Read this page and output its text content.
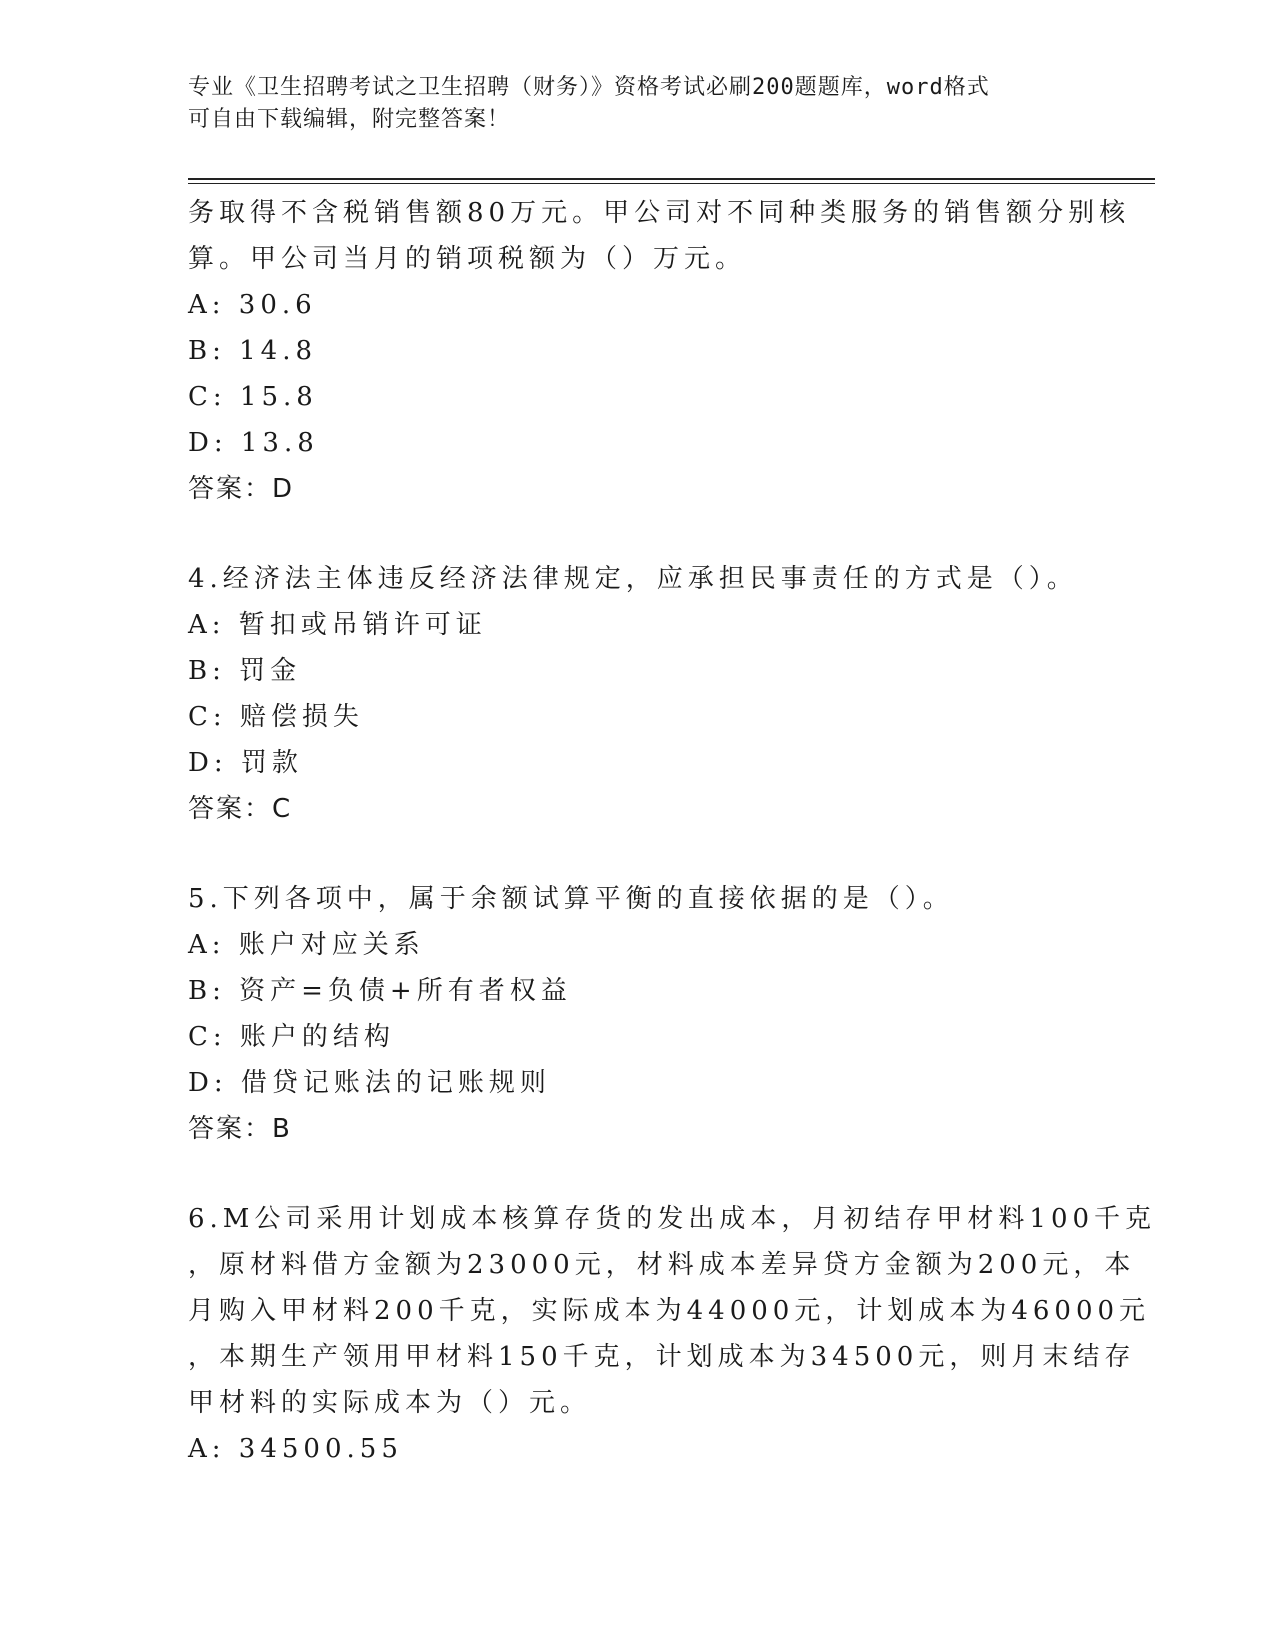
专业《卫生招聘考试之卫生招聘（财务）》资格考试必刷200题题库，word格式
可自由下载编辑，附完整答案！
务取得不含税销售额80万元。甲公司对不同种类服务的销售额分别核
算。甲公司当月的销项税额为（）万元。
A: 30.6
B: 14.8
C: 15.8
D: 13.8
答案：D
4.经济法主体违反经济法律规定，应承担民事责任的方式是（）。
A: 暂扣或吊销许可证
B: 罚金
C: 赔偿损失
D: 罚款
答案：C
5.下列各项中，属于余额试算平衡的直接依据的是（）。
A: 账户对应关系
B: 资产=负债+所有者权益
C: 账户的结构
D: 借贷记账法的记账规则
答案：B
6.M公司采用计划成本核算存货的发出成本，月初结存甲材料100千克
，原材料借方金额为23000元，材料成本差异贷方金额为200元，本
月购入甲材料200千克，实际成本为44000元，计划成本为46000元
，本期生产领用甲材料150千克，计划成本为34500元，则月末结存
甲材料的实际成本为（）元。
A: 34500.55
